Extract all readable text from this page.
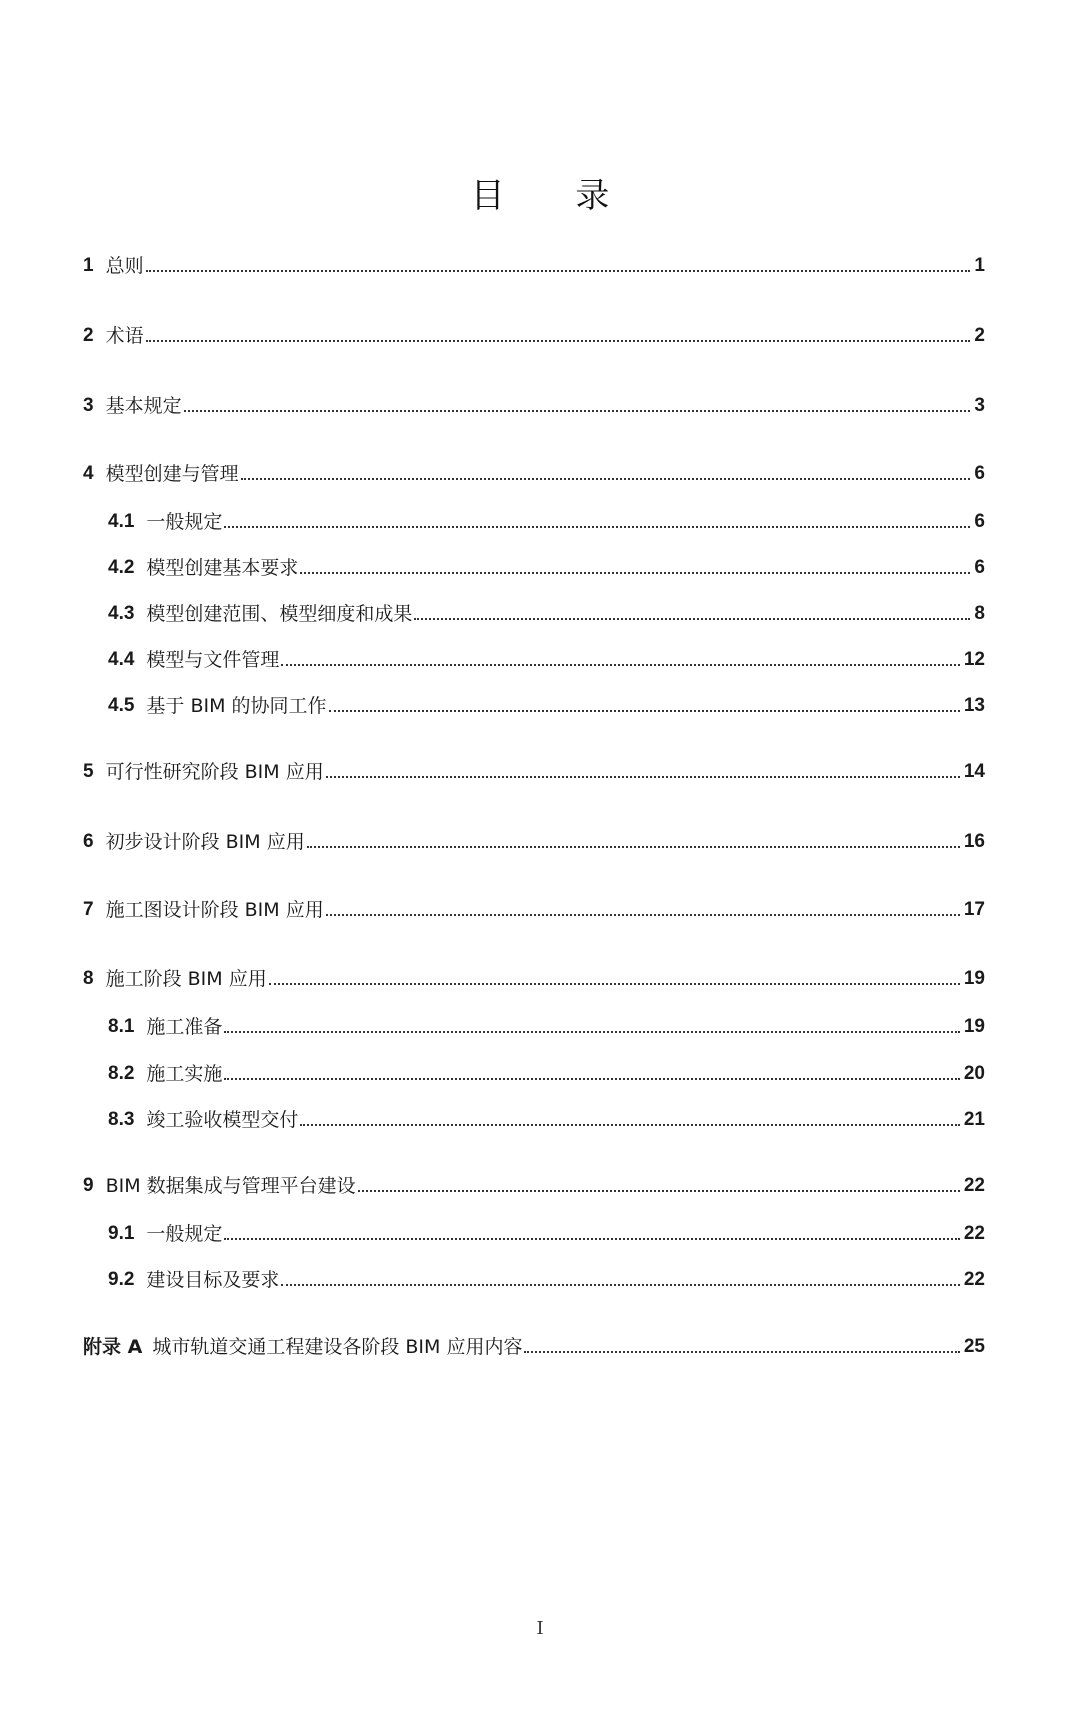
目 录
1 总则	1
2 术语	2
3 基本规定	3
4 模型创建与管理	6
4.1 一般规定	6
4.2 模型创建基本要求	6
4.3 模型创建范围、模型细度和成果	8
4.4 模型与文件管理	12
4.5 基于 BIM 的协同工作	13
5 可行性研究阶段 BIM 应用	14
6 初步设计阶段 BIM 应用	16
7 施工图设计阶段 BIM 应用	17
8 施工阶段 BIM 应用	19
8.1 施工准备	19
8.2 施工实施	20
8.3 竣工验收模型交付	21
9 BIM 数据集成与管理平台建设	22
9.1 一般规定	22
9.2 建设目标及要求	22
附录 A 城市轨道交通工程建设各阶段 BIM 应用内容	25
I
